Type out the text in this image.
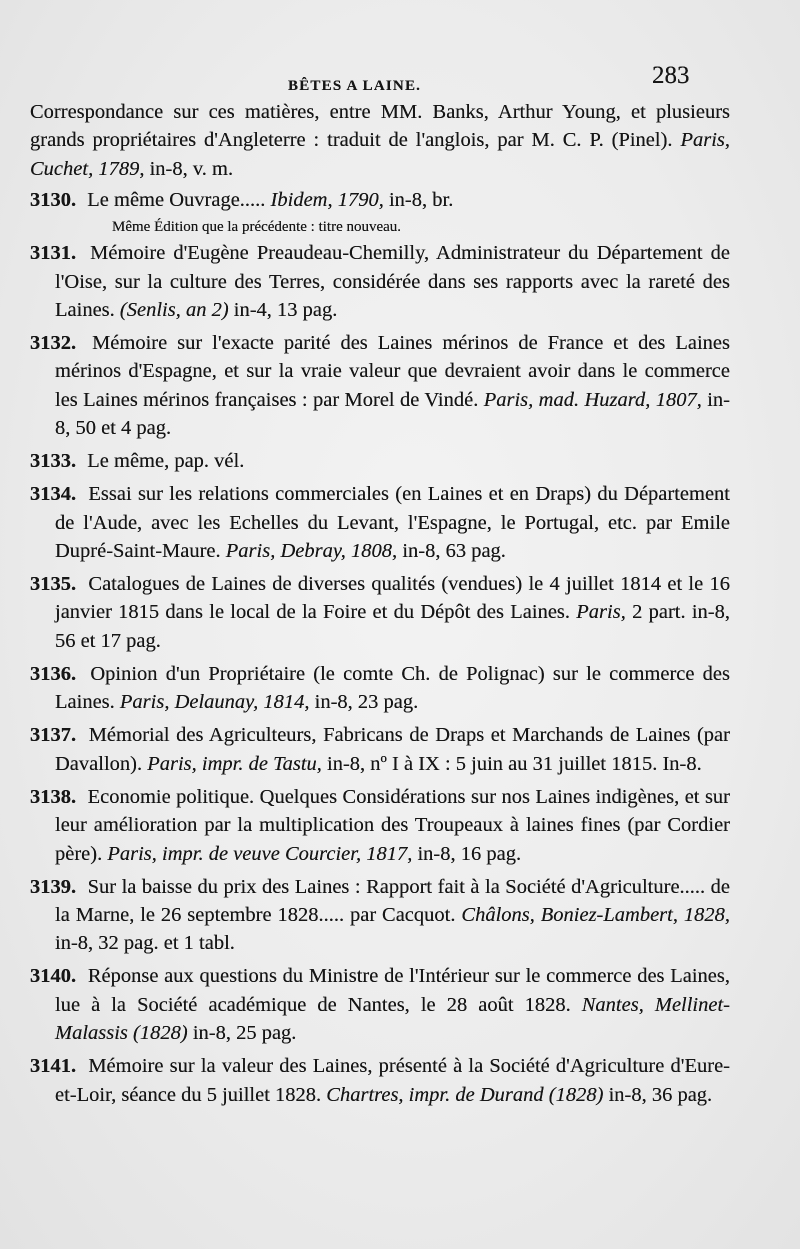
BÊTES A LAINE.	283

Correspondance sur ces matières, entre MM. Banks, Arthur Young, et plusieurs grands propriétaires d'Angleterre : traduit de l'anglois, par M. C. P. (Pinel). Paris, Cuchet, 1789, in-8, v. m.

3130 . Le même Ouvrage..... Ibidem, 1790, in-8, br.

Même Édition que la précédente : titre nouveau.

3131 . Mémoire d'Eugène Preaudeau-Chemilly, Administrateur du Département de l'Oise, sur la culture des Terres, considérée dans ses rapports avec la rareté des Laines. (Senlis, an 2) in-4, 13 pag.

3132 . Mémoire sur l'exacte parité des Laines mérinos de France et des Laines mérinos d'Espagne, et sur la vraie valeur que devraient avoir dans le commerce les Laines mérinos françaises : par Morel de Vindé. Paris, mad. Huzard, 1807, in-8, 50 et 4 pag.

3133 . Le même, pap. vél.

3134 . Essai sur les relations commerciales (en Laines et en Draps) du Département de l'Aude, avec les Echelles du Levant, l'Espagne, le Portugal, etc. par Emile Dupré-Saint-Maure. Paris, Debray, 1808, in-8, 63 pag.

3135 . Catalogues de Laines de diverses qualités (vendues) le 4 juillet 1814 et le 16 janvier 1815 dans le local de la Foire et du Dépôt des Laines. Paris, 2 part. in-8, 56 et 17 pag.

3136 . Opinion d'un Propriétaire (le comte Ch. de Polignac) sur le commerce des Laines. Paris, Delaunay, 1814, in-8, 23 pag.

3137 . Mémorial des Agriculteurs, Fabricans de Draps et Marchands de Laines (par Davallon). Paris, impr. de Tastu, in-8, nº I à IX : 5 juin au 31 juillet 1815. In-8.

3138 . Economie politique. Quelques Considérations sur nos Laines indigènes, et sur leur amélioration par la multiplication des Troupeaux à laines fines (par Cordier père). Paris, impr. de veuve Courcier, 1817, in-8, 16 pag.

3139 . Sur la baisse du prix des Laines : Rapport fait à la Société d'Agriculture..... de la Marne, le 26 septembre 1828..... par Cacquot. Châlons, Boniez-Lambert, 1828, in-8, 32 pag. et 1 tabl.

3140 . Réponse aux questions du Ministre de l'Intérieur sur le commerce des Laines, lue à la Société académique de Nantes, le 28 août 1828. Nantes, Mellinet-Malassis (1828) in-8, 25 pag.

3141 . Mémoire sur la valeur des Laines, présenté à la Société d'Agriculture d'Eure-et-Loir, séance du 5 juillet 1828. Chartres, impr. de Durand (1828) in-8, 36 pag.
